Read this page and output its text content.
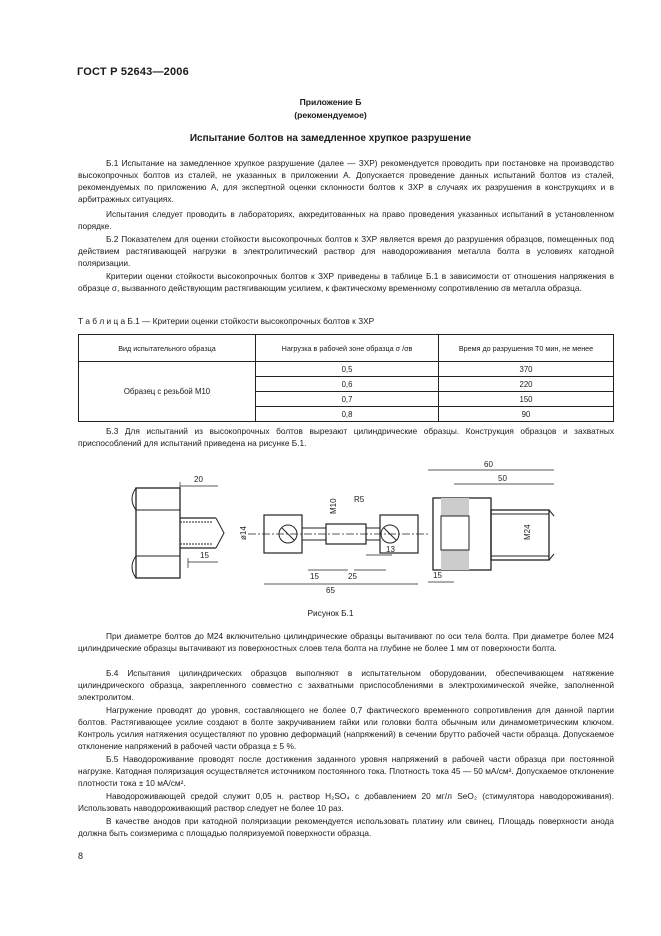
ГОСТ Р 52643—2006
Приложение Б
(рекомендуемое)
Испытание болтов на замедленное хрупкое разрушение
Б.1 Испытание на замедленное хрупкое разрушение (далее — ЗХР) рекомендуется проводить при постановке на производство высокопрочных болтов из сталей, не указанных в приложении А. Допускается проведение данных испытаний болтов из сталей, рекомендуемых по приложению А, для экспертной оценки склонности болтов к ЗХР в случаях их разрушения в конструкциях и в арбитражных ситуациях.
Испытания следует проводить в лабораториях, аккредитованных на право проведения указанных испытаний в установленном порядке.
Б.2 Показателем для оценки стойкости высокопрочных болтов к ЗХР является время до разрушения образцов, помещенных под действием растягивающей нагрузки в электролитический раствор для наводороживания металла болта в условиях катодной поляризации.
Критерии оценки стойкости высокопрочных болтов к ЗХР приведены в таблице Б.1 в зависимости от отношения напряжения в образце σ, вызванного действующим растягивающим усилием, к фактическому временному сопротивлению σв металла образца.
Т а б л и ц а Б.1 — Критерии оценки стойкости высокопрочных болтов к ЗХР
Вид испытательного образца	Нагрузка в рабочей зоне образца σ /σв	Время до разрушения T0 мин, не менее
Образец с резьбой М10	0,5	370
	0,6	220
	0,7	150
	0,8	90
Б.3 Для испытаний из высокопрочных болтов вырезают цилиндрические образцы. Конструкция образцов и захватных приспособлений для испытаний приведена на рисунке Б.1.
20
15
ø14
М10 R5
13
15	25
65
60
50
М24
15
Рисунок Б.1
При диаметре болтов до М24 включительно цилиндрические образцы вытачивают по оси тела болта. При диаметре более М24 цилиндрические образцы вытачивают из поверхностных слоев тела болта на глубине не более 1 мм от поверхности болта.
Б.4 Испытания цилиндрических образцов выполняют в испытательном оборудовании, обеспечивающем натяжение цилиндрического образца, закрепленного совместно с захватными приспособлениями в электрохимической ячейке, заполненной электролитом.
Нагружение проводят до уровня, составляющего не более 0,7 фактического временного сопротивления для данной партии болтов. Растягивающее усилие создают в болте закручиванием гайки или головки болта обычным или динамометрическим ключом. Контроль усилия натяжения осуществляют по уровню деформаций (напряжений) в сечении брутто рабочей части образца. Допускаемое отклонение напряжений в рабочей части образца ± 5 %.
Б.5 Наводороживание проводят после достижения заданного уровня напряжений в рабочей части образца при постоянной нагрузке. Катодная поляризация осуществляется источником постоянного тока. Плотность тока 45 — 50 мА/см². Допускаемое отклонение плотности тока ± 10 мА/см².
Наводороживающей средой служит 0,05 н. раствор H₂SO₄ с добавлением 20 мг/л SeO₂ (стимулятора наводороживания). Использовать наводороживающий раствор следует не более 10 раз.
В качестве анодов при катодной поляризации рекомендуется использовать платину или свинец. Площадь поверхности анода должна быть соизмерима с площадью поляризуемой поверхности образца.
8
